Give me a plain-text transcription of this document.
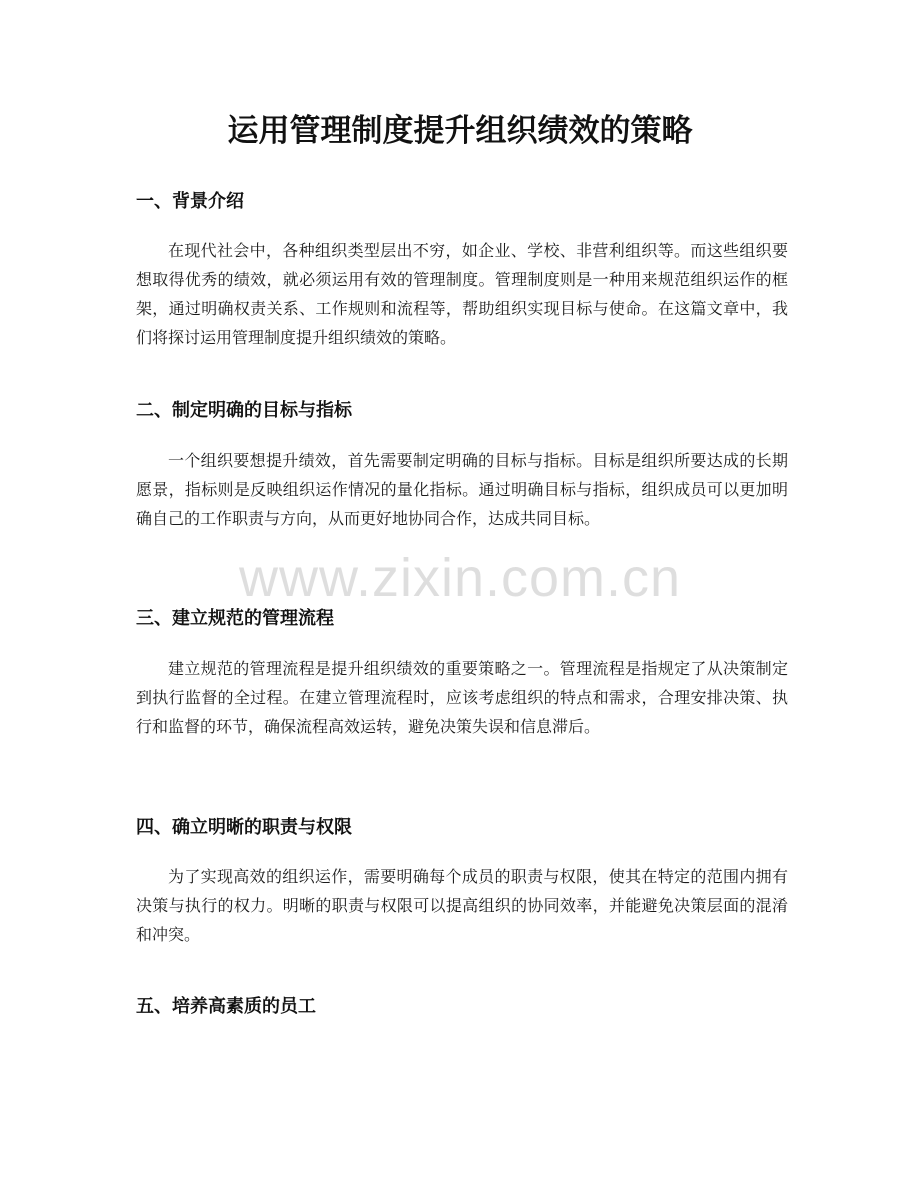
运用管理制度提升组织绩效的策略
一、背景介绍

在现代社会中，各种组织类型层出不穷，如企业、学校、非营利组织等。而这些组织要想取得优秀的绩效，就必须运用有效的管理制度。管理制度则是一种用来规范组织运作的框架，通过明确权责关系、工作规则和流程等，帮助组织实现目标与使命。在这篇文章中，我们将探讨运用管理制度提升组织绩效的策略。

二、制定明确的目标与指标

一个组织要想提升绩效，首先需要制定明确的目标与指标。目标是组织所要达成的长期愿景，指标则是反映组织运作情况的量化指标。通过明确目标与指标，组织成员可以更加明确自己的工作职责与方向，从而更好地协同合作，达成共同目标。

三、建立规范的管理流程

建立规范的管理流程是提升组织绩效的重要策略之一。管理流程是指规定了从决策制定到执行监督的全过程。在建立管理流程时，应该考虑组织的特点和需求，合理安排决策、执行和监督的环节，确保流程高效运转，避免决策失误和信息滞后。

四、确立明晰的职责与权限

为了实现高效的组织运作，需要明确每个成员的职责与权限，使其在特定的范围内拥有决策与执行的权力。明晰的职责与权限可以提高组织的协同效率，并能避免决策层面的混淆和冲突。

五、培养高素质的员工
www.zixin.com.cn
